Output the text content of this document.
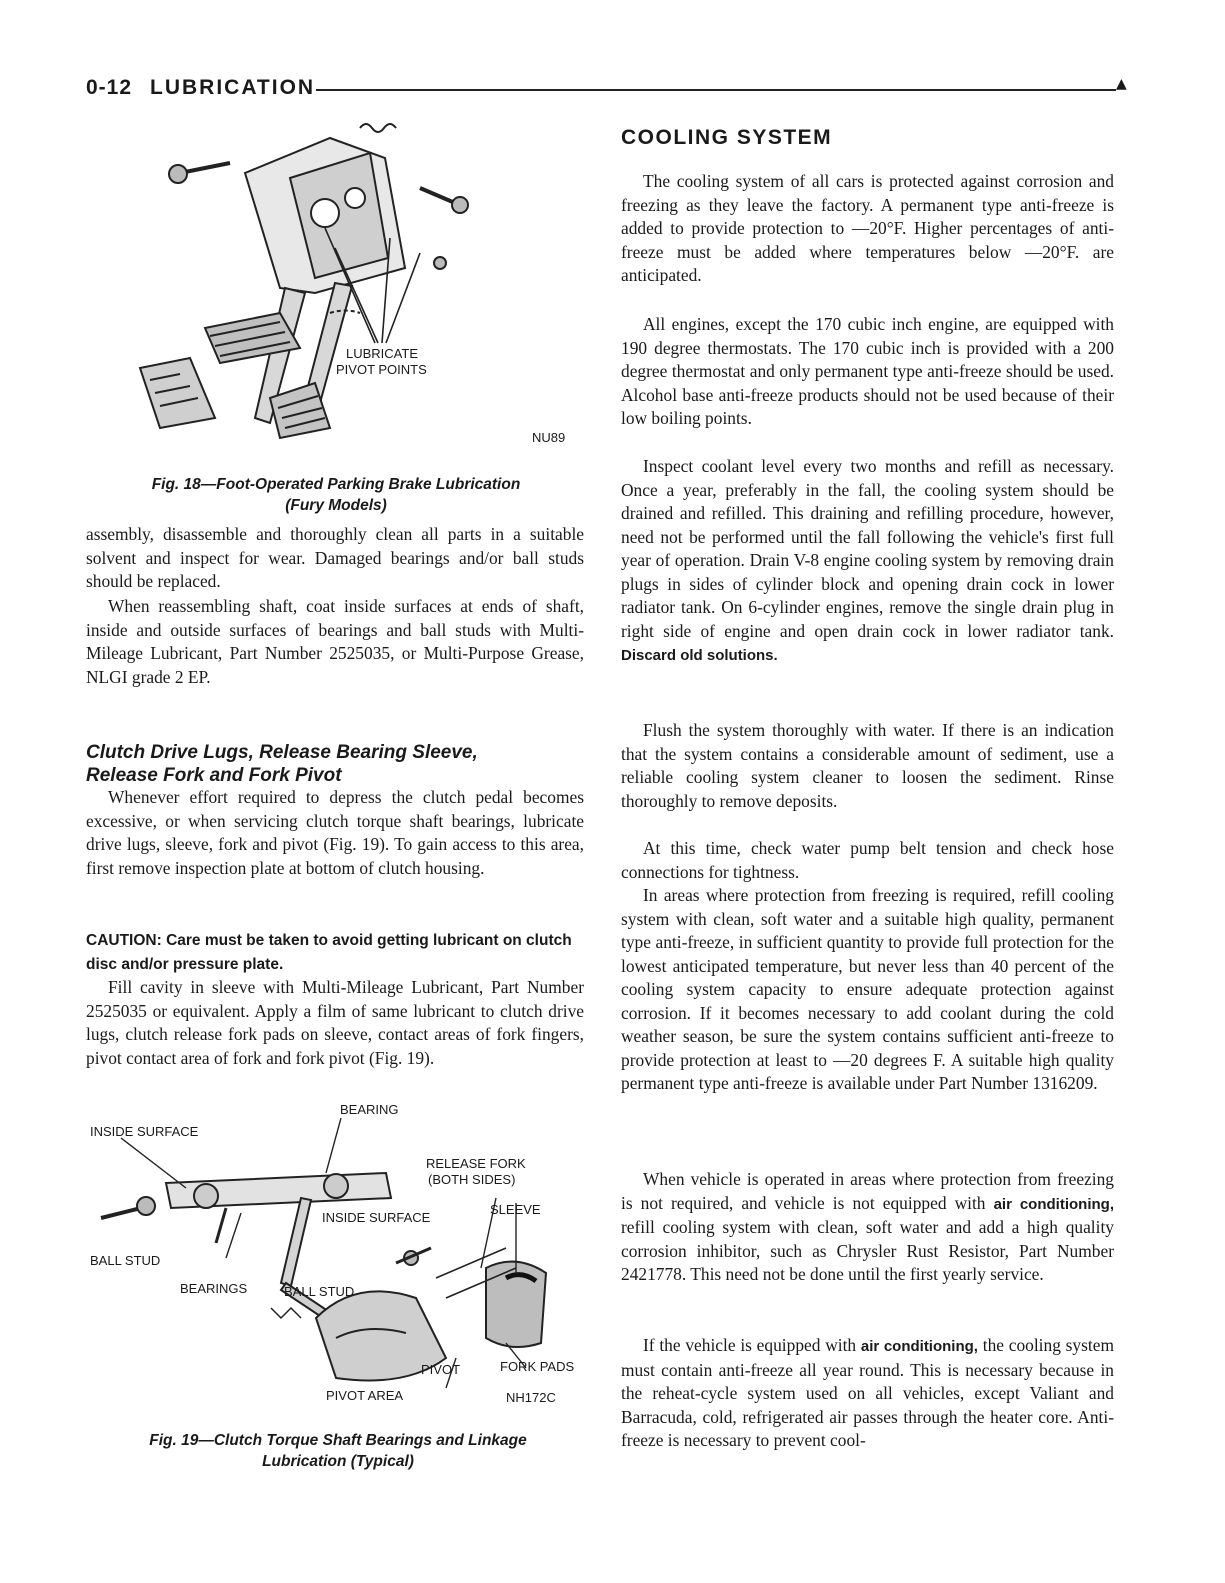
0-12 LUBRICATION	▲
LUBRICATE
PIVOT POINTS
NU89
Fig. 18—Foot-Operated Parking Brake Lubrication
(Fury Models)

assembly, disassemble and thoroughly clean all parts in a suitable solvent and inspect for wear. Damaged bearings and/or ball studs should be replaced.

When reassembling shaft, coat inside surfaces at ends of shaft, inside and outside surfaces of bearings and ball studs with Multi-Mileage Lubricant, Part Number 2525035, or Multi-Purpose Grease, NLGI grade 2 EP.

Clutch Drive Lugs, Release Bearing Sleeve,
Release Fork and Fork Pivot

Whenever effort required to depress the clutch pedal becomes excessive, or when servicing clutch torque shaft bearings, lubricate drive lugs, sleeve, fork and pivot (Fig. 19). To gain access to this area, first remove inspection plate at bottom of clutch housing.

CAUTION: Care must be taken to avoid getting lubricant on clutch disc and/or pressure plate.

Fill cavity in sleeve with Multi-Mileage Lubricant, Part Number 2525035 or equivalent. Apply a film of same lubricant to clutch drive lugs, clutch release fork pads on sleeve, contact areas of fork fingers, pivot contact area of fork and fork pivot (Fig. 19).

BEARING
INSIDE SURFACE
RELEASE FORK
(BOTH SIDES)
SLEEVE
INSIDE SURFACE
BALL STUD
BEARINGS	BALL STUD
PIVOT	FORK PADS
PIVOT AREA	NH172C
Fig. 19—Clutch Torque Shaft Bearings and Linkage
Lubrication (Typical)
COOLING SYSTEM

The cooling system of all cars is protected against corrosion and freezing as they leave the factory. A permanent type anti-freeze is added to provide protection to —20°F. Higher percentages of anti-freeze must be added where temperatures below —20°F. are anticipated.

All engines, except the 170 cubic inch engine, are equipped with 190 degree thermostats. The 170 cubic inch is provided with a 200 degree thermostat and only permanent type anti-freeze should be used. Alcohol base anti-freeze products should not be used because of their low boiling points.

Inspect coolant level every two months and refill as necessary. Once a year, preferably in the fall, the cooling system should be drained and refilled. This draining and refilling procedure, however, need not be performed until the fall following the vehicle's first full year of operation. Drain V-8 engine cooling system by removing drain plugs in sides of cylinder block and opening drain cock in lower radiator tank. On 6-cylinder engines, remove the single drain plug in right side of engine and open drain cock in lower radiator tank. Discard old solutions.

Flush the system thoroughly with water. If there is an indication that the system contains a considerable amount of sediment, use a reliable cooling system cleaner to loosen the sediment. Rinse thoroughly to remove deposits.

At this time, check water pump belt tension and check hose connections for tightness.

In areas where protection from freezing is required, refill cooling system with clean, soft water and a suitable high quality, permanent type anti-freeze, in sufficient quantity to provide full protection for the lowest anticipated temperature, but never less than 40 percent of the cooling system capacity to ensure adequate protection against corrosion. If it becomes necessary to add coolant during the cold weather season, be sure the system contains sufficient anti-freeze to provide protection at least to —20 degrees F. A suitable high quality permanent type anti-freeze is available under Part Number 1316209.

When vehicle is operated in areas where protection from freezing is not required, and vehicle is not equipped with air conditioning, refill cooling system with clean, soft water and add a high quality corrosion inhibitor, such as Chrysler Rust Resistor, Part Number 2421778. This need not be done until the first yearly service.

If the vehicle is equipped with air conditioning, the cooling system must contain anti-freeze all year round. This is necessary because in the reheat-cycle system used on all vehicles, except Valiant and Barracuda, cold, refrigerated air passes through the heater core. Anti-freeze is necessary to prevent cool-
